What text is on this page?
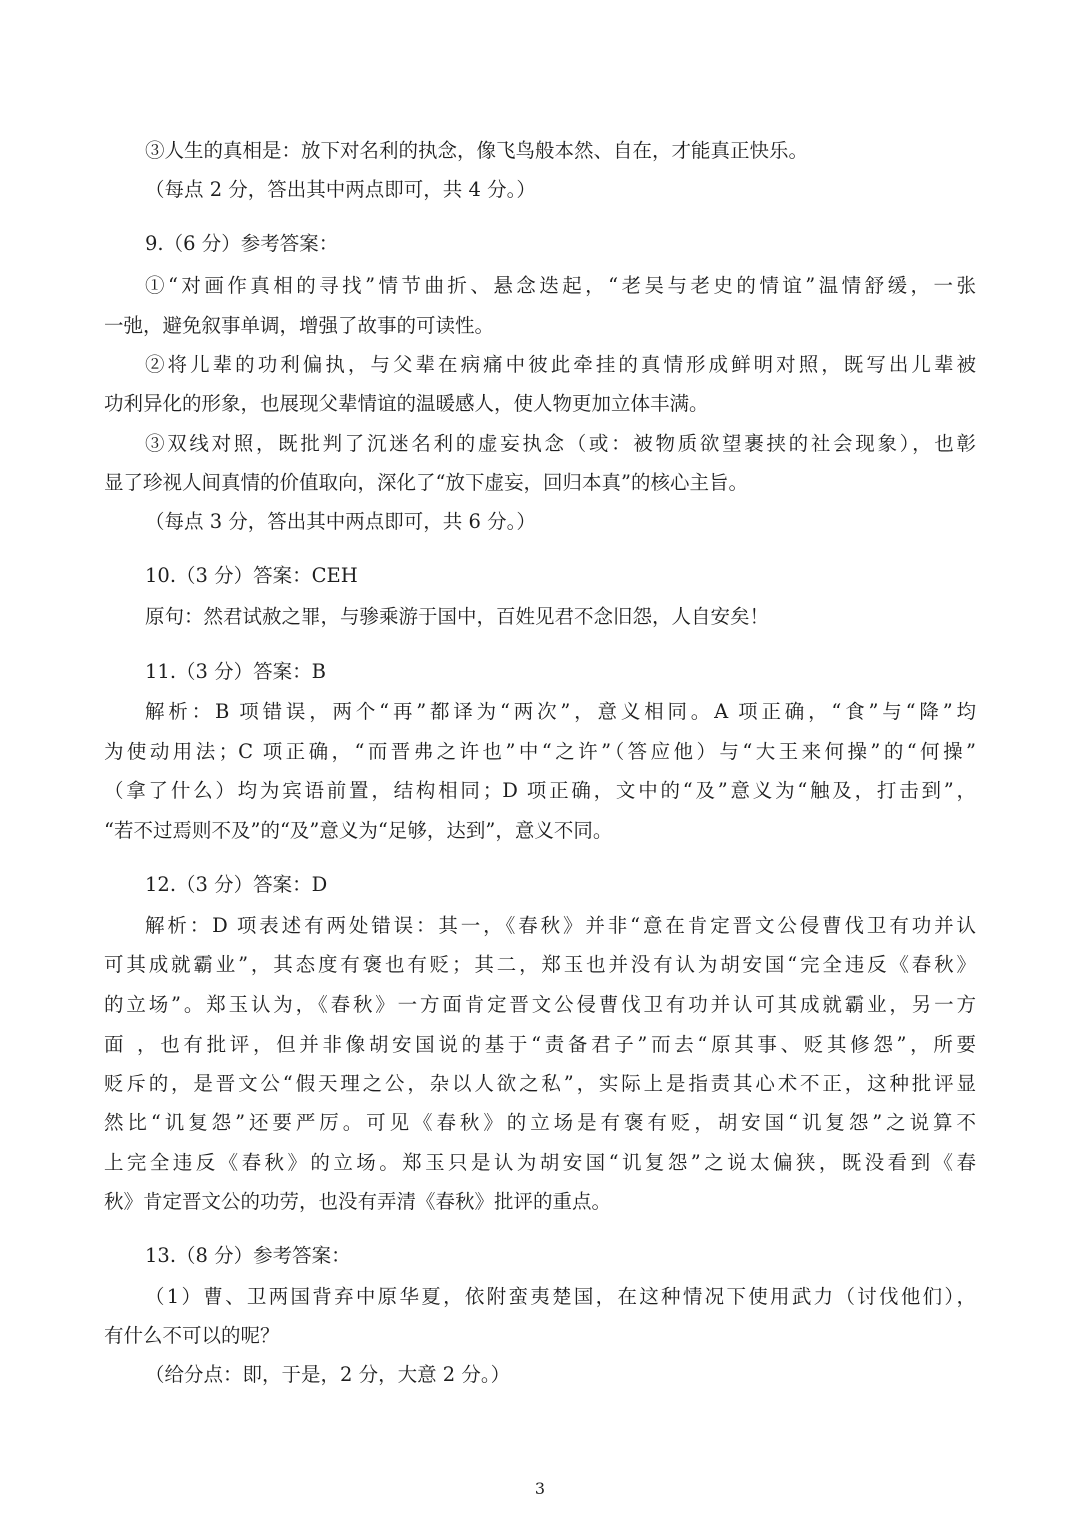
③人生的真相是：放下对名利的执念，像飞鸟般本然、自在，才能真正快乐。
（每点 2 分，答出其中两点即可，共 4 分。）
9.（6 分）参考答案：
①“对画作真相的寻找”情节曲折、悬念迭起，“老吴与老史的情谊”温情舒缓，一张
一弛，避免叙事单调，增强了故事的可读性。
②将儿辈的功利偏执，与父辈在病痛中彼此牵挂的真情形成鲜明对照，既写出儿辈被
功利异化的形象，也展现父辈情谊的温暖感人，使人物更加立体丰满。
③双线对照，既批判了沉迷名利的虚妄执念（或：被物质欲望裹挟的社会现象），也彰
显了珍视人间真情的价值取向，深化了“放下虚妄，回归本真”的核心主旨。
（每点 3 分，答出其中两点即可，共 6 分。）
10.（3 分）答案：CEH
原句：然君试赦之罪，与骖乘游于国中，百姓见君不念旧怨，人自安矣！
11.（3 分）答案：B
解析：B 项错误，两个“再”都译为“两次”，意义相同。A 项正确，“食”与“降”均
为使动用法；C 项正确，“而晋弗之许也”中“之许”（答应他）与“大王来何操”的“何操”
（拿了什么）均为宾语前置，结构相同；D 项正确，文中的“及”意义为“触及，打击到”，
“若不过焉则不及”的“及”意义为“足够，达到”，意义不同。
12.（3 分）答案：D
解析：D 项表述有两处错误：其一，《春秋》并非“意在肯定晋文公侵曹伐卫有功并认
可其成就霸业”，其态度有褒也有贬；其二，郑玉也并没有认为胡安国“完全违反《春秋》
的立场”。郑玉认为，《春秋》一方面肯定晋文公侵曹伐卫有功并认可其成就霸业，另一方
面 ，也有批评，但并非像胡安国说的基于“责备君子”而去“原其事、贬其修怨”，所要
贬斥的，是晋文公“假天理之公，杂以人欲之私”，实际上是指责其心术不正，这种批评显
然比“讥复怨”还要严厉。可见《春秋》的立场是有褒有贬，胡安国“讥复怨”之说算不
上完全违反《春秋》的立场。郑玉只是认为胡安国“讥复怨”之说太偏狭，既没看到《春
秋》肯定晋文公的功劳，也没有弄清《春秋》批评的重点。
13.（8 分）参考答案：
（1）曹、卫两国背弃中原华夏，依附蛮夷楚国，在这种情况下使用武力（讨伐他们），
有什么不可以的呢？
（给分点：即，于是，2 分，大意 2 分。）
3
